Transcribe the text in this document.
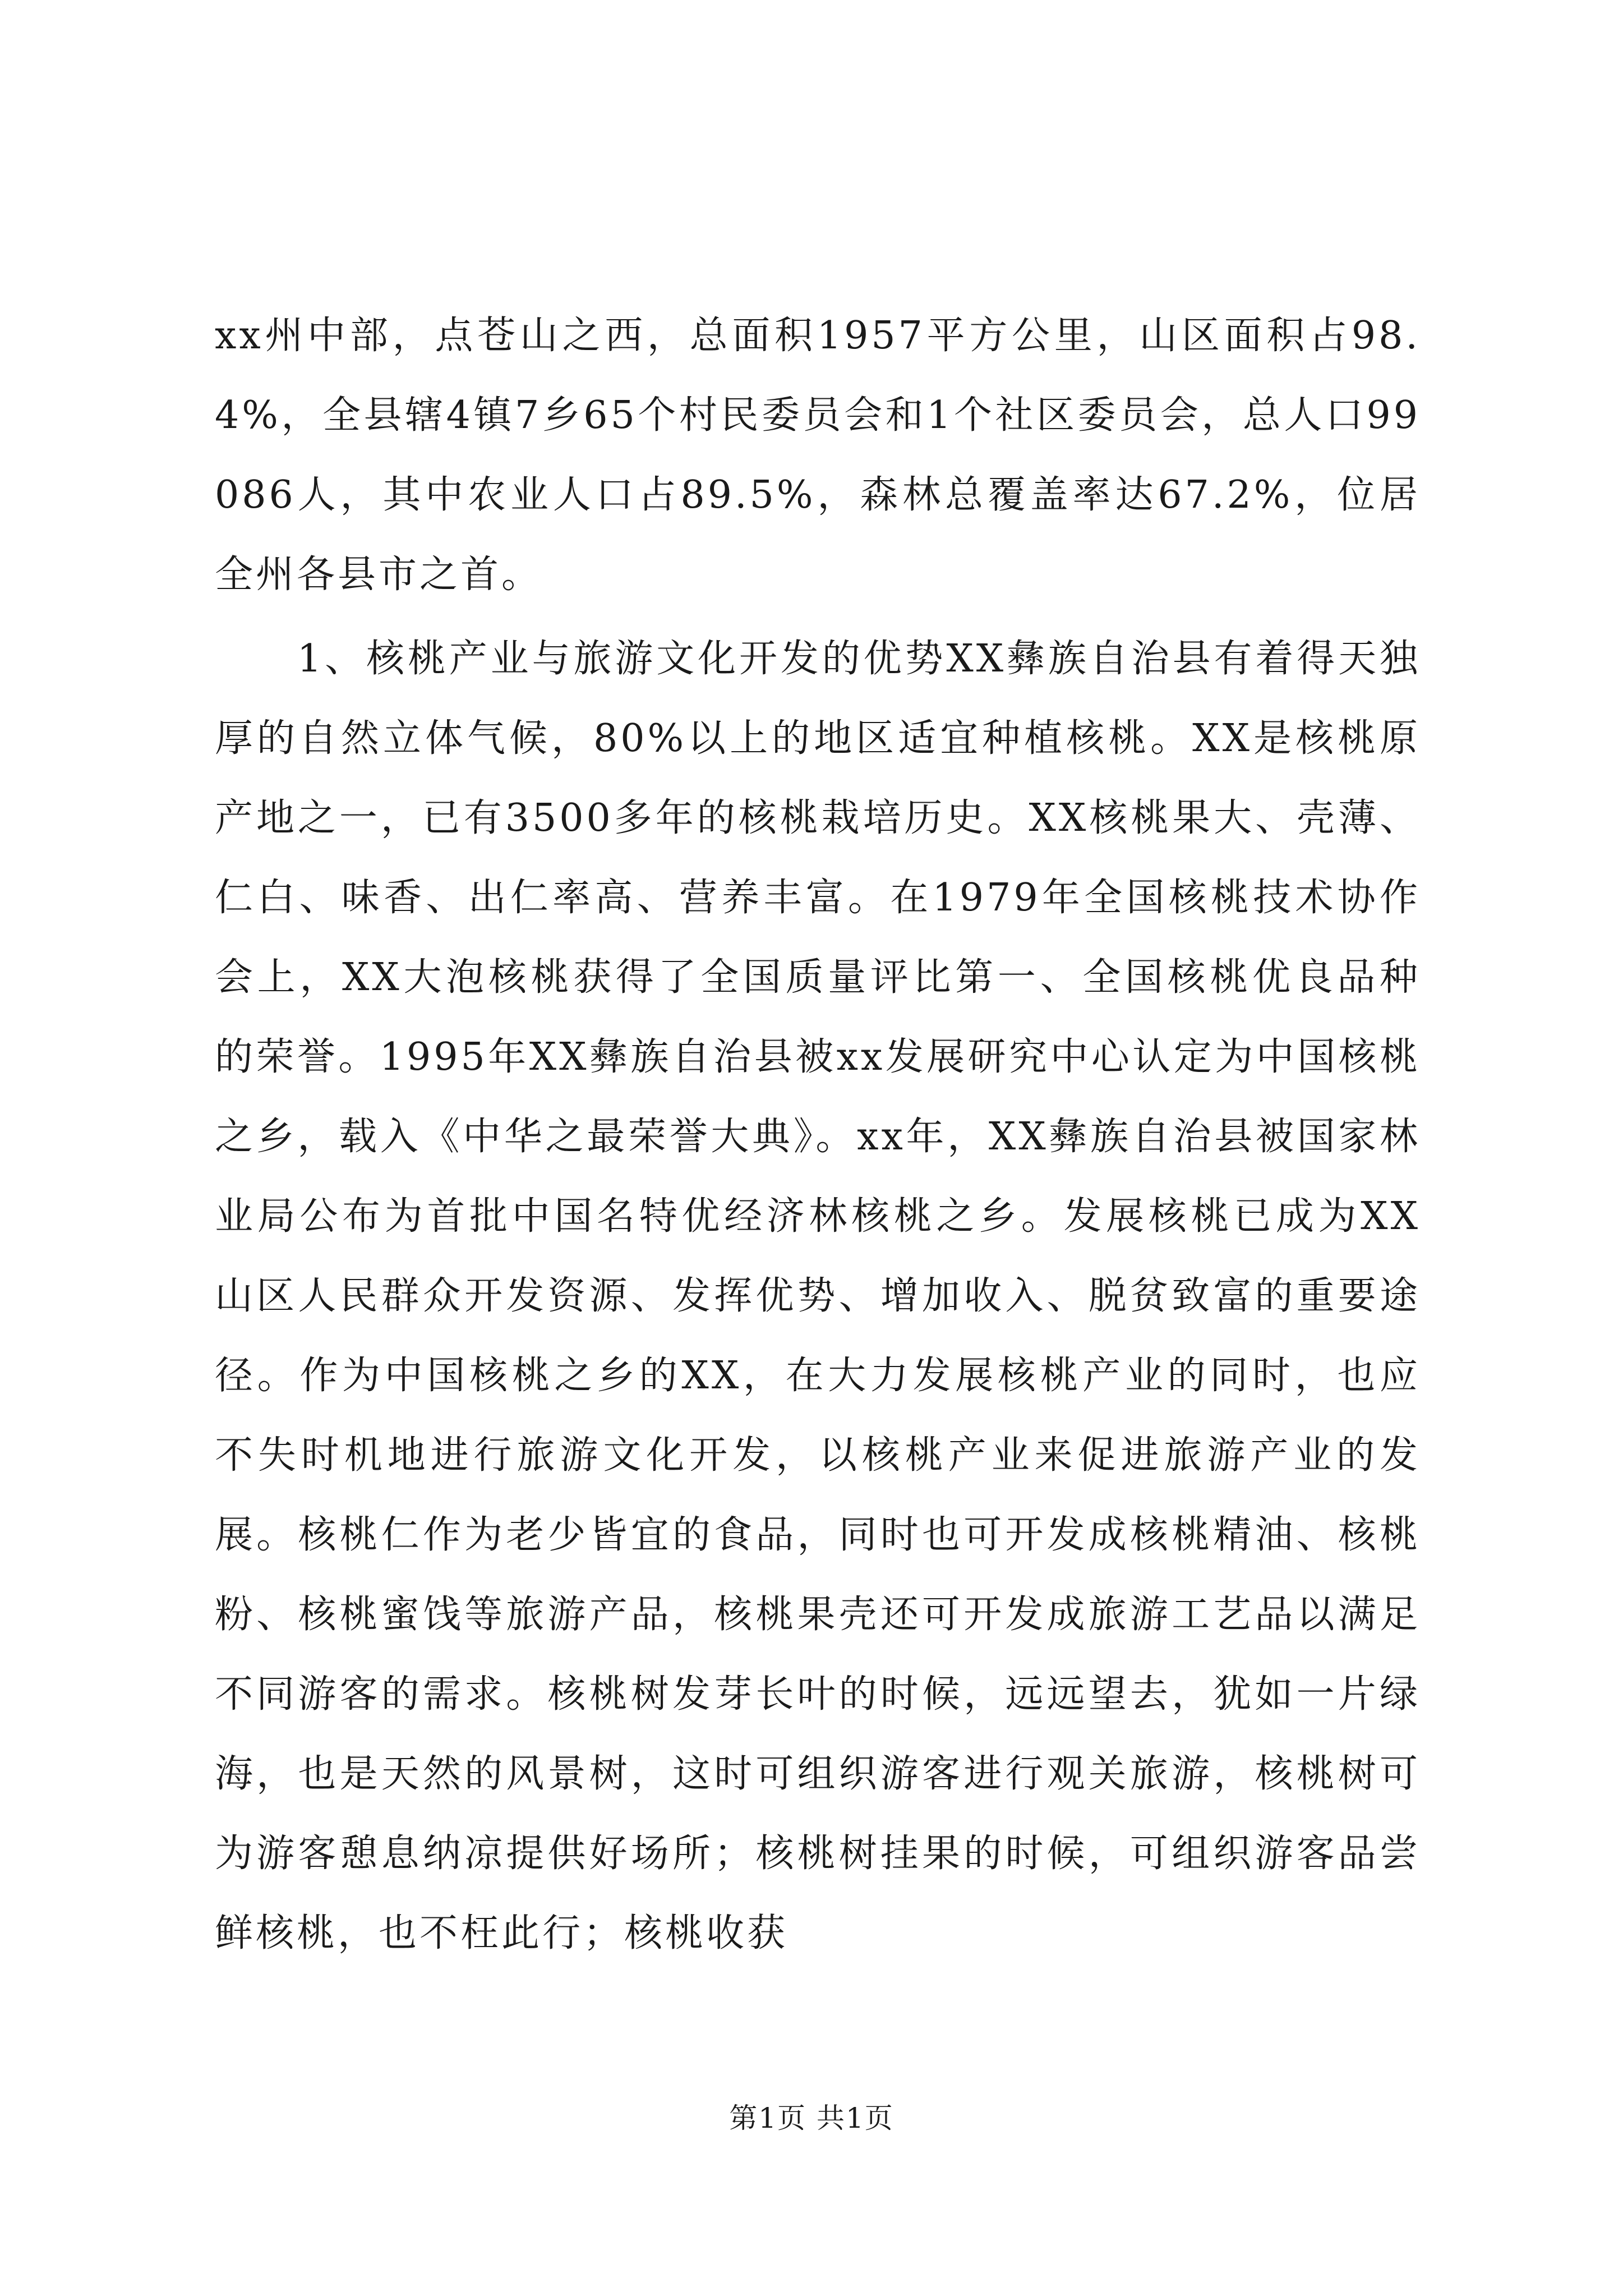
xx州中部，点苍山之西，总面积1957平方公里，山区面积占98.4%，全县辖4镇7乡65个村民委员会和1个社区委员会，总人口99086人，其中农业人口占89.5%，森林总覆盖率达67.2%，位居全州各县市之首。

1、核桃产业与旅游文化开发的优势XX彝族自治县有着得天独厚的自然立体气候，80%以上的地区适宜种植核桃。XX是核桃原产地之一，已有3500多年的核桃栽培历史。XX核桃果大、壳薄、仁白、味香、出仁率高、营养丰富。在1979年全国核桃技术协作会上，XX大泡核桃获得了全国质量评比第一、全国核桃优良品种的荣誉。1995年XX彝族自治县被xx发展研究中心认定为中国核桃之乡，载入《中华之最荣誉大典》。xx年，XX彝族自治县被国家林业局公布为首批中国名特优经济林核桃之乡。发展核桃已成为XX山区人民群众开发资源、发挥优势、增加收入、脱贫致富的重要途径。作为中国核桃之乡的XX，在大力发展核桃产业的同时，也应不失时机地进行旅游文化开发，以核桃产业来促进旅游产业的发展。核桃仁作为老少皆宜的食品，同时也可开发成核桃精油、核桃粉、核桃蜜饯等旅游产品，核桃果壳还可开发成旅游工艺品以满足不同游客的需求。核桃树发芽长叶的时候，远远望去，犹如一片绿海，也是天然的风景树，这时可组织游客进行观关旅游，核桃树可为游客憩息纳凉提供好场所；核桃树挂果的时候，可组织游客品尝鲜核桃，也不枉此行；核桃收获

第1页 共1页
